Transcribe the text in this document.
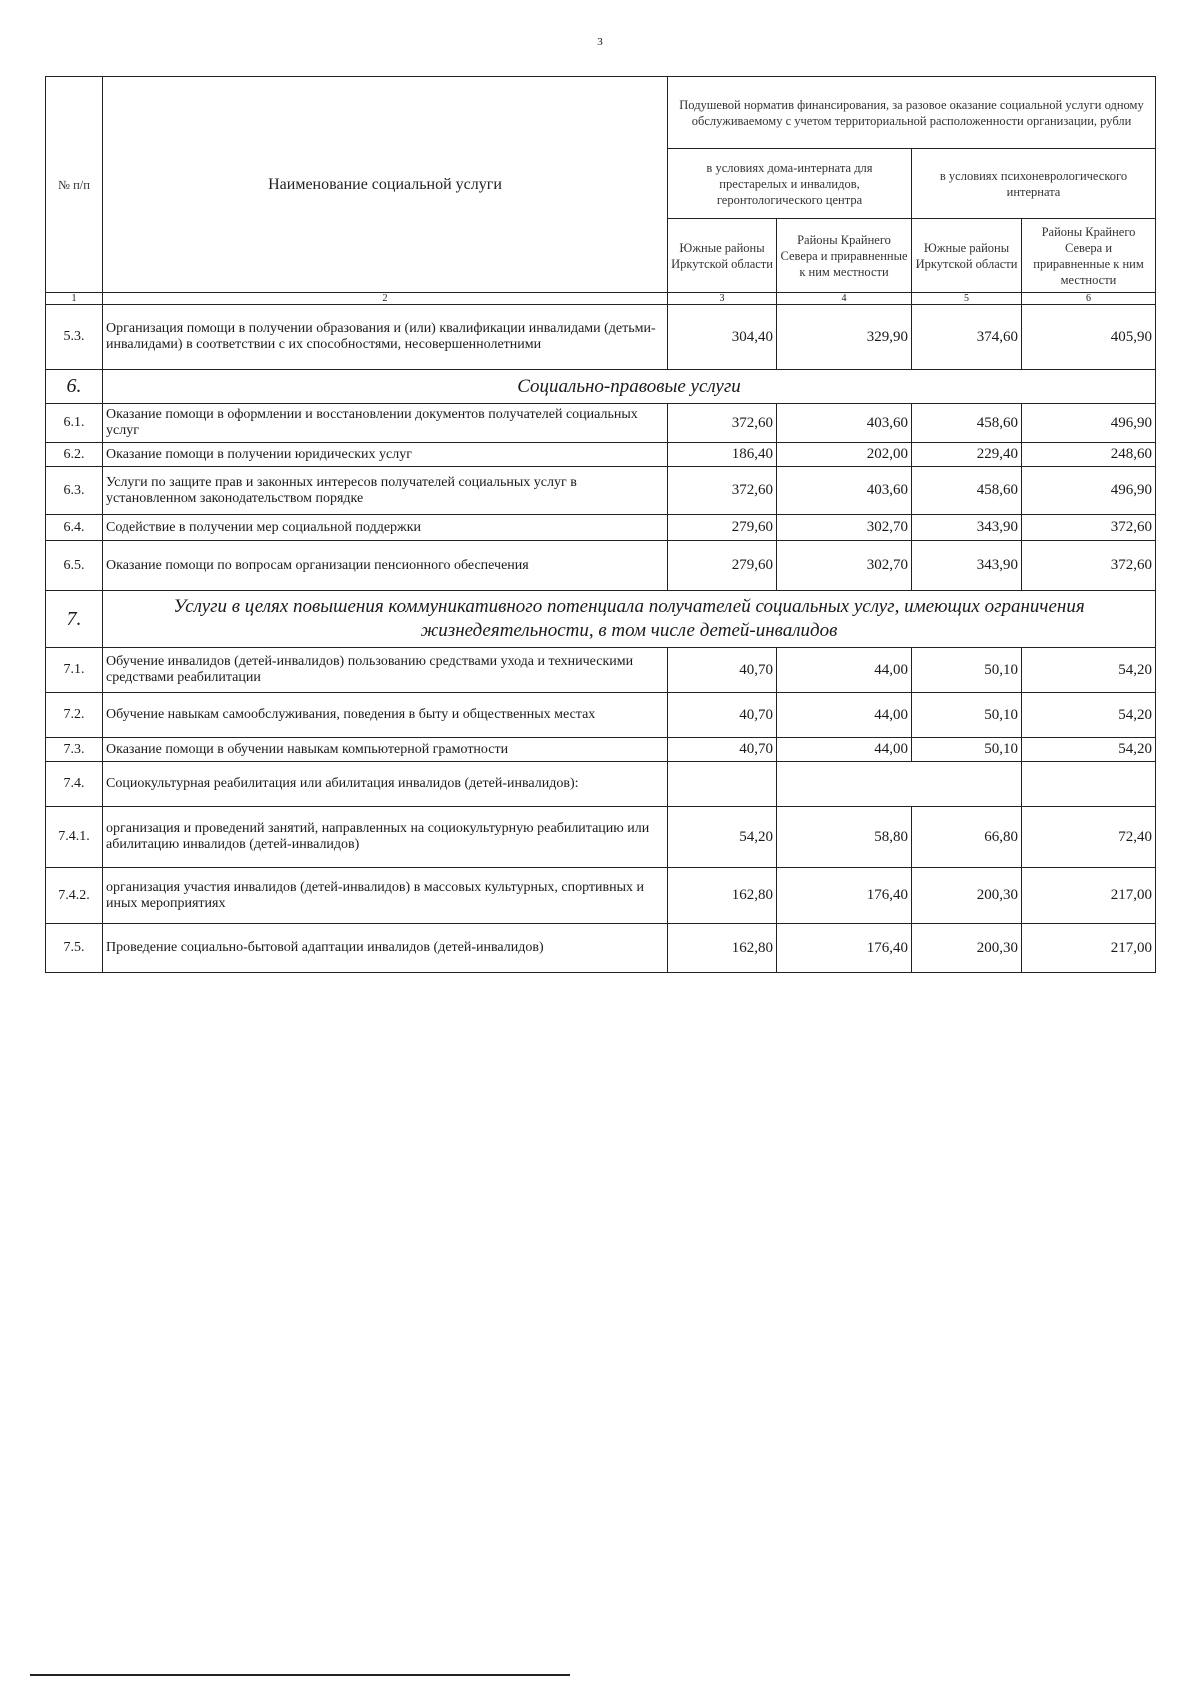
3
№ п/п	Наименование социальной услуги	Подушевой норматив финансирования, за разовое оказание социальной услуги одному обслуживаемому с учетом территориальной расположенности организации, рубли			
		в условиях дома-интерната для престарелых и инвалидов, геронтологического центра		в условиях психоневрологического интерната	
		Южные районы Иркутской области	Районы Крайнего Севера и приравненные к ним местности	Южные районы Иркутской области	Районы Крайнего Севера и приравненные к ним местности
1	2	3	4	5	6
5.3.	Организация помощи в получении образования и (или) квалификации инвалидами (детьми-инвалидами) в соответствии с их способностями, несовершеннолетними	304,40	329,90	374,60	405,90
6.	Социально-правовые услуги				
6.1.	Оказание помощи в оформлении и восстановлении документов получателей социальных услуг	372,60	403,60	458,60	496,90
6.2.	Оказание помощи в получении юридических услуг	186,40	202,00	229,40	248,60
6.3.	Услуги по защите прав и законных интересов получателей социальных услуг в установленном законодательством порядке	372,60	403,60	458,60	496,90
6.4.	Содействие в получении мер социальной поддержки	279,60	302,70	343,90	372,60
6.5.	Оказание помощи по вопросам организации пенсионного обеспечения	279,60	302,70	343,90	372,60
7.	Услуги в целях повышения коммуникативного потенциала получателей социальных услуг, имеющих ограничения жизнедеятельности, в том числе детей-инвалидов				
7.1.	Обучение инвалидов (детей-инвалидов) пользованию средствами ухода и техническими средствами реабилитации	40,70	44,00	50,10	54,20
7.2.	Обучение навыкам самообслуживания, поведения в быту и общественных местах	40,70	44,00	50,10	54,20
7.3.	Оказание помощи в обучении навыкам компьютерной грамотности	40,70	44,00	50,10	54,20
7.4.	Социокультурная реабилитация или абилитация инвалидов (детей-инвалидов):				
7.4.1.	организация и проведений занятий, направленных на социокультурную реабилитацию или абилитацию инвалидов (детей-инвалидов)	54,20	58,80	66,80	72,40
7.4.2.	организация участия инвалидов (детей-инвалидов) в массовых культурных, спортивных и иных мероприятиях	162,80	176,40	200,30	217,00
7.5.	Проведение социально-бытовой адаптации инвалидов (детей-инвалидов)	162,80	176,40	200,30	217,00
